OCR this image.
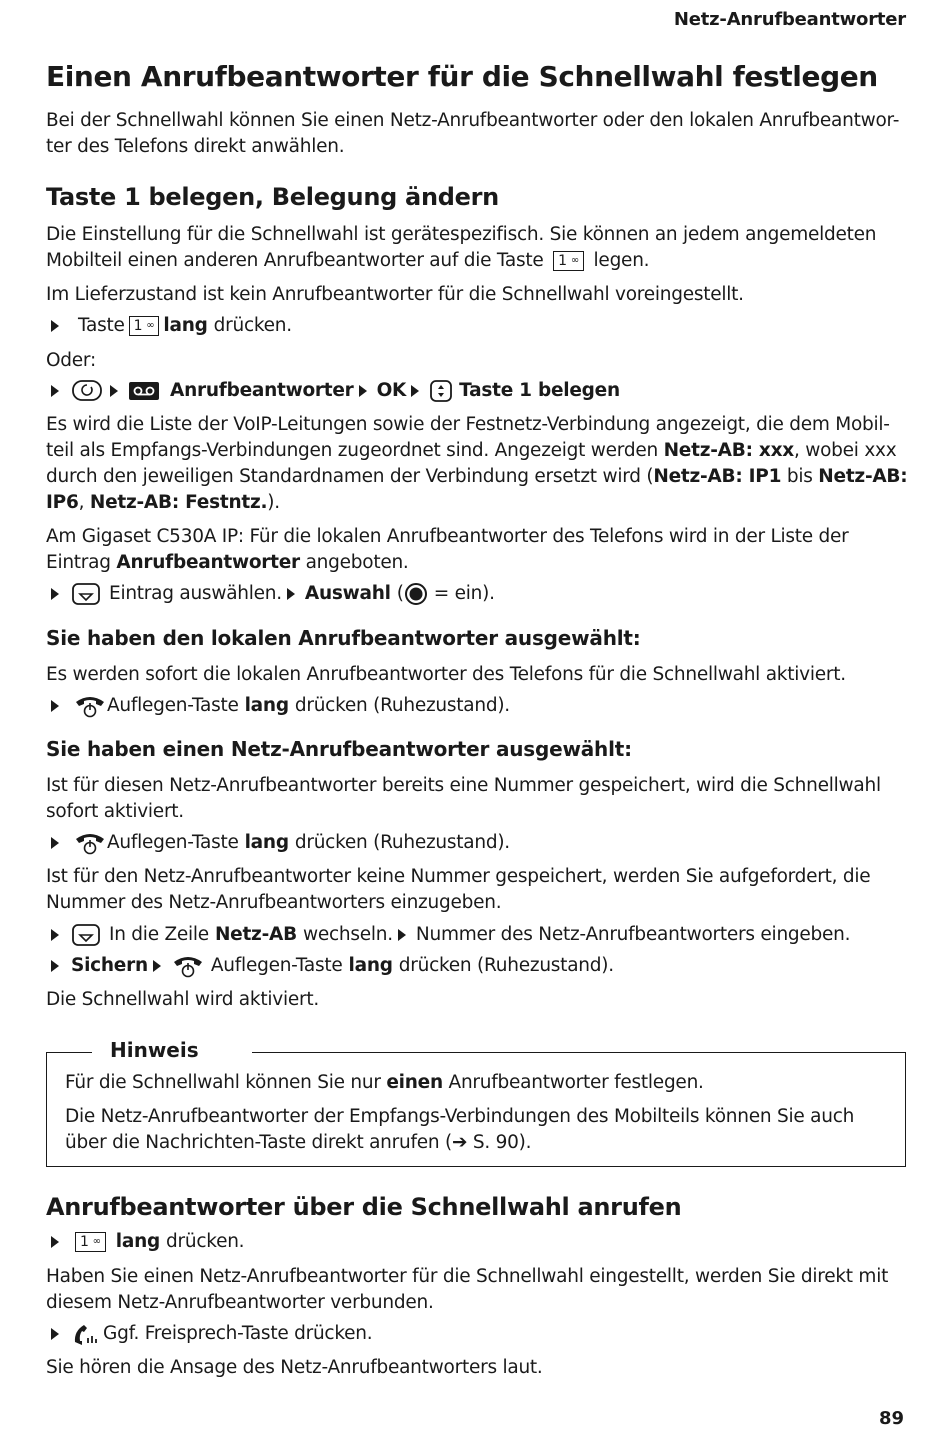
Netz-Anrufbeantworter
Einen Anrufbeantworter für die Schnellwahl festlegen

Bei der Schnellwahl können Sie einen Netz-Anrufbeantworter oder den lokalen Anrufbeantwor-ter des Telefons direkt anwählen.

Taste 1 belegen, Belegung ändern

Die Einstellung für die Schnellwahl ist gerätespezifisch. Sie können an jedem angemeldeten Mobilteil einen anderen Anrufbeantworter auf die Taste 1 ∞ legen.

Im Lieferzustand ist kein Anrufbeantworter für die Schnellwahl voreingestellt.

Taste 1 ∞ lang drücken.

Oder:

Anrufbeantworter OK	Taste 1 belegen

Es wird die Liste der VoIP-Leitungen sowie der Festnetz-Verbindung angezeigt, die dem Mobil-teil als Empfangs-Verbindungen zugeordnet sind. Angezeigt werden Netz-AB: xxx, wobei xxx durch den jeweiligen Standardnamen der Verbindung ersetzt wird (Netz-AB: IP1 bis Netz-AB: IP6, Netz-AB: Festntz.).

Am Gigaset C530A IP: Für die lokalen Anrufbeantworter des Telefons wird in der Liste der Eintrag Anrufbeantworter angeboten.

Eintrag auswählen. Auswahl ( = ein).
Sie haben den lokalen Anrufbeantworter ausgewählt:

Es werden sofort die lokalen Anrufbeantworter des Telefons für die Schnellwahl aktiviert.

Auflegen-Taste lang drücken (Ruhezustand).
Sie haben einen Netz-Anrufbeantworter ausgewählt:

Ist für diesen Netz-Anrufbeantworter bereits eine Nummer gespeichert, wird die Schnellwahl sofort aktiviert.

Auflegen-Taste lang drücken (Ruhezustand).

Ist für den Netz-Anrufbeantworter keine Nummer gespeichert, werden Sie aufgefordert, die Nummer des Netz-Anrufbeantworters einzugeben.

In die Zeile Netz-AB wechseln. Nummer des Netz-Anrufbeantworters eingeben.
Sichern	Auflegen-Taste lang drücken (Ruhezustand).

Die Schnellwahl wird aktiviert.

Hinweis

Für die Schnellwahl können Sie nur einen Anrufbeantworter festlegen.

Die Netz-Anrufbeantworter der Empfangs-Verbindungen des Mobilteils können Sie auch über die Nachrichten-Taste direkt anrufen (➔ S. 90).

Anrufbeantworter über die Schnellwahl anrufen
1 ∞ lang drücken.

Haben Sie einen Netz-Anrufbeantworter für die Schnellwahl eingestellt, werden Sie direkt mit diesem Netz-Anrufbeantworter verbunden.

Ggf. Freisprech-Taste drücken.

Sie hören die Ansage des Netz-Anrufbeantworters laut.

89
